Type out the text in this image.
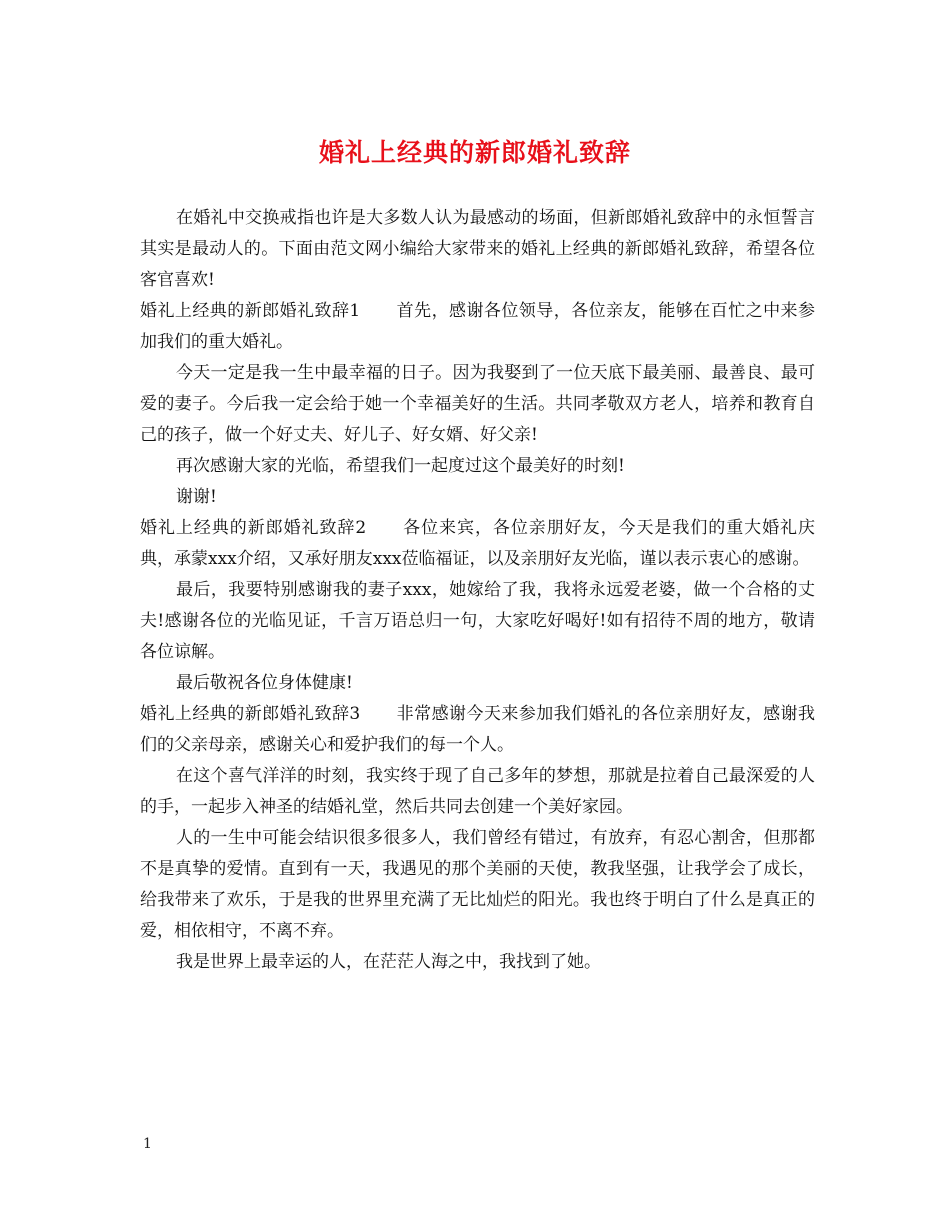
婚礼上经典的新郎婚礼致辞

在婚礼中交换戒指也许是大多数人认为最感动的场面，但新郎婚礼致辞中的永恒誓言其实是最动人的。下面由范文网小编给大家带来的婚礼上经典的新郎婚礼致辞，希望各位客官喜欢!

婚礼上经典的新郎婚礼致辞1 首先，感谢各位领导，各位亲友，能够在百忙之中来参加我们的重大婚礼。

今天一定是我一生中最幸福的日子。因为我娶到了一位天底下最美丽、最善良、最可爱的妻子。今后我一定会给于她一个幸福美好的生活。共同孝敬双方老人，培养和教育自己的孩子，做一个好丈夫、好儿子、好女婿、好父亲!

再次感谢大家的光临，希望我们一起度过这个最美好的时刻!

谢谢!

婚礼上经典的新郎婚礼致辞2 各位来宾，各位亲朋好友，今天是我们的重大婚礼庆典，承蒙xxx介绍，又承好朋友xxx莅临福证，以及亲朋好友光临，谨以表示衷心的感谢。

最后，我要特别感谢我的妻子xxx，她嫁给了我，我将永远爱老婆，做一个合格的丈夫!感谢各位的光临见证，千言万语总归一句，大家吃好喝好!如有招待不周的地方，敬请各位谅解。

最后敬祝各位身体健康!

婚礼上经典的新郎婚礼致辞3 非常感谢今天来参加我们婚礼的各位亲朋好友，感谢我们的父亲母亲，感谢关心和爱护我们的每一个人。

在这个喜气洋洋的时刻，我实终于现了自己多年的梦想，那就是拉着自己最深爱的人的手，一起步入神圣的结婚礼堂，然后共同去创建一个美好家园。

人的一生中可能会结识很多很多人，我们曾经有错过，有放弃，有忍心割舍，但那都不是真挚的爱情。直到有一天，我遇见的那个美丽的天使，教我坚强，让我学会了成长，给我带来了欢乐，于是我的世界里充满了无比灿烂的阳光。我也终于明白了什么是真正的爱，相依相守，不离不弃。

我是世界上最幸运的人，在茫茫人海之中，我找到了她。

1
